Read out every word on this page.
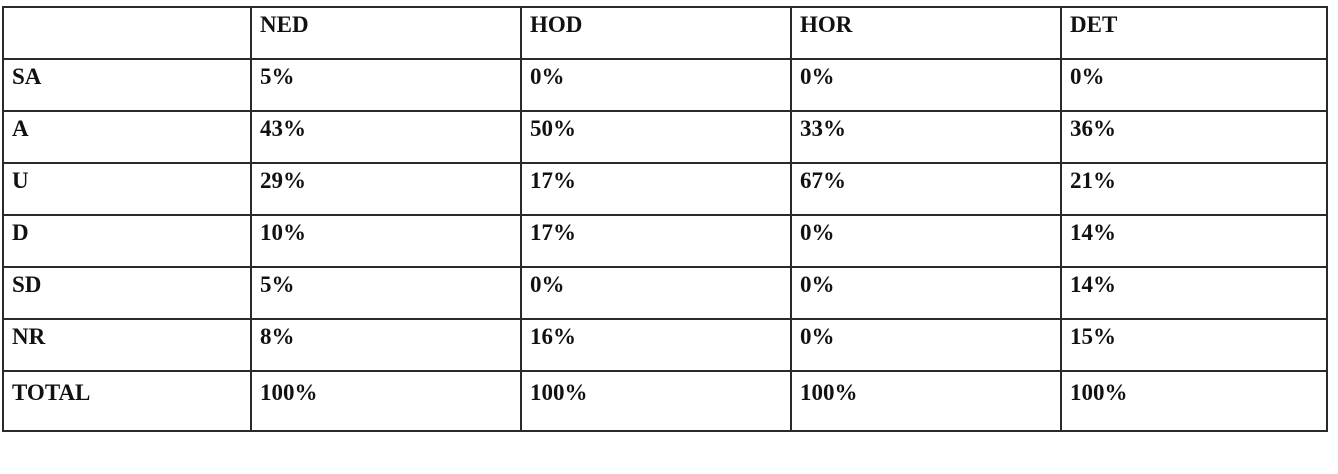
	NED	HOD	HOR	DET
SA	5%	0%	0%	0%
A	43%	50%	33%	36%
U	29%	17%	67%	21%
D	10%	17%	0%	14%
SD	5%	0%	0%	14%
NR	8%	16%	0%	15%
TOTAL	100%	100%	100%	100%
